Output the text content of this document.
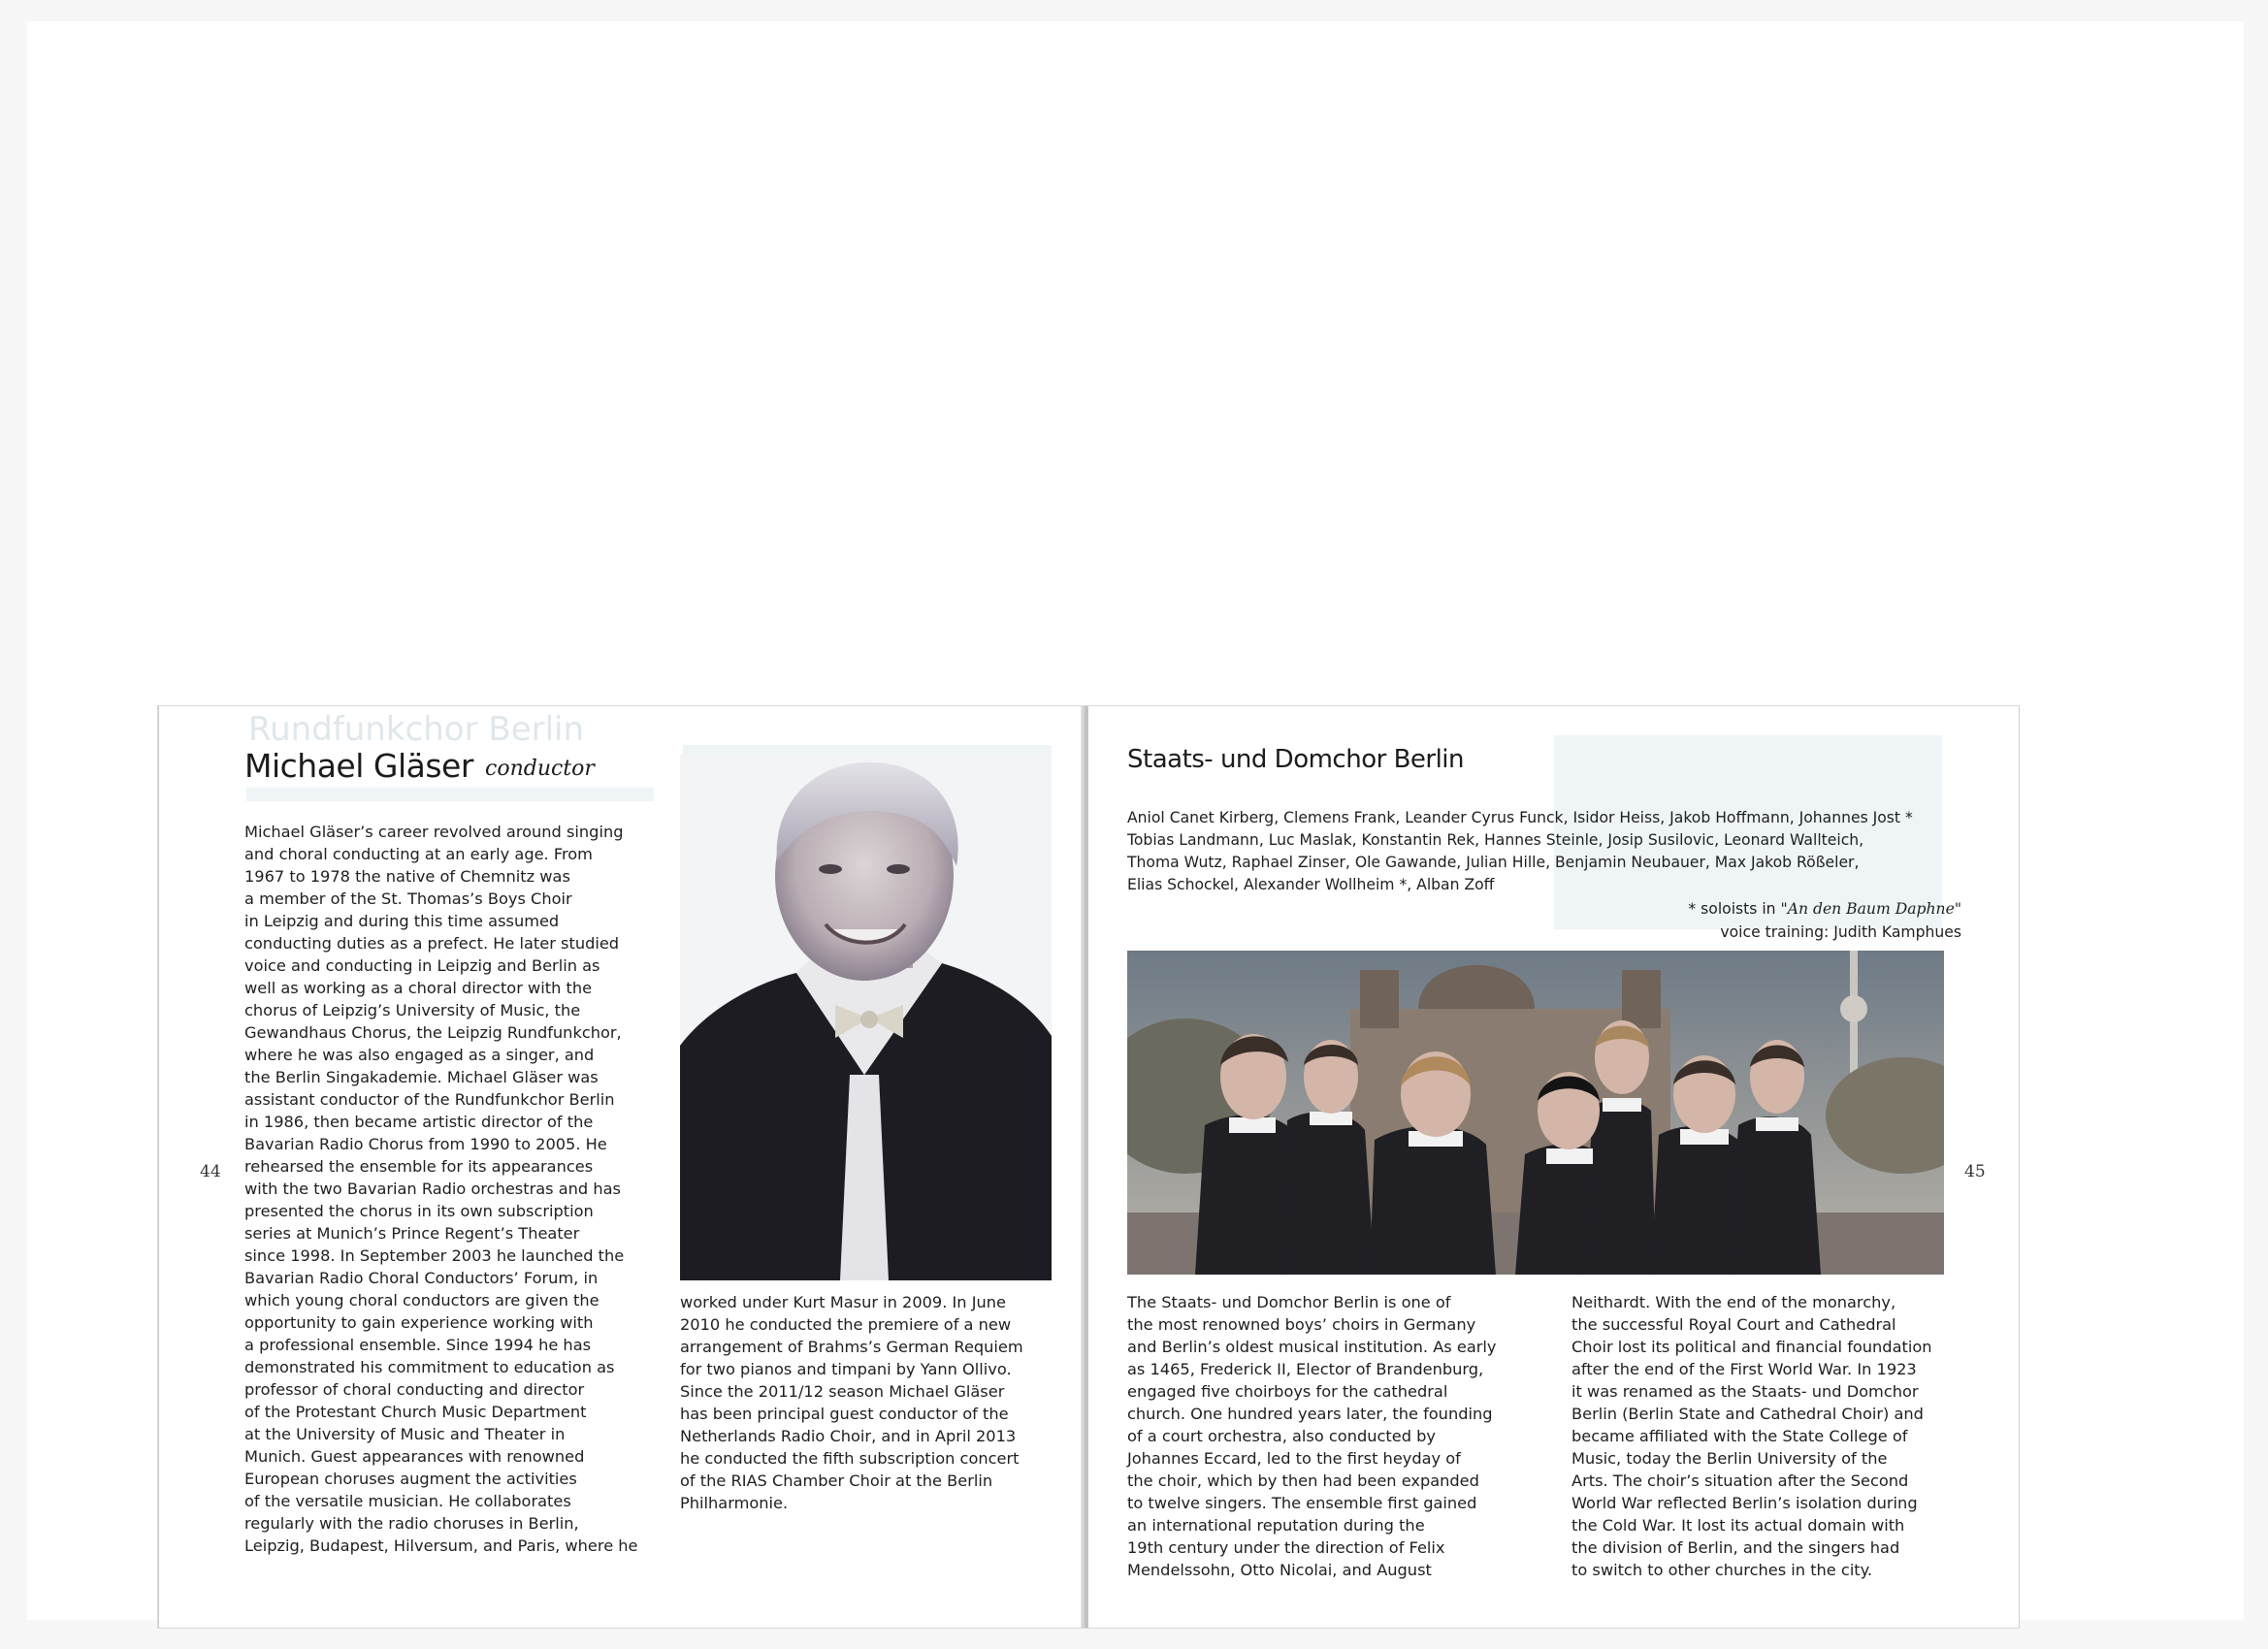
Rundfunkchor Berlin
Michael Gläser conductor
Michael Gläser’s career revolved around singing
and choral conducting at an early age. From
1967 to 1978 the native of Chemnitz was
a member of the St. Thomas’s Boys Choir
in Leipzig and during this time assumed
conducting duties as a prefect. He later studied
voice and conducting in Leipzig and Berlin as
well as working as a choral director with the
chorus of Leipzig’s University of Music, the
Gewandhaus Chorus, the Leipzig Rundfunkchor,
where he was also engaged as a singer, and
the Berlin Singakademie. Michael Gläser was
assistant conductor of the Rundfunkchor Berlin
in 1986, then became artistic director of the
Bavarian Radio Chorus from 1990 to 2005. He
rehearsed the ensemble for its appearances
with the two Bavarian Radio orchestras and has
presented the chorus in its own subscription
series at Munich’s Prince Regent’s Theater
since 1998. In September 2003 he launched the
Bavarian Radio Choral Conductors’ Forum, in
which young choral conductors are given the
opportunity to gain experience working with
a professional ensemble. Since 1994 he has
demonstrated his commitment to education as
professor of choral conducting and director
of the Protestant Church Music Department
at the University of Music and Theater in
Munich. Guest appearances with renowned
European choruses augment the activities
of the versatile musician. He collaborates
regularly with the radio choruses in Berlin,
Leipzig, Budapest, Hilversum, and Paris, where he
worked under Kurt Masur in 2009. In June
2010 he conducted the premiere of a new
arrangement of Brahms’s German Requiem
for two pianos and timpani by Yann Ollivo.
Since the 2011/12 season Michael Gläser
has been principal guest conductor of the
Netherlands Radio Choir, and in April 2013
he conducted the fifth subscription concert
of the RIAS Chamber Choir at the Berlin
Philharmonie.
44
Staats- und Domchor Berlin
Aniol Canet Kirberg, Clemens Frank, Leander Cyrus Funck, Isidor Heiss, Jakob Hoffmann, Johannes Jost *
Tobias Landmann, Luc Maslak, Konstantin Rek, Hannes Steinle, Josip Susilovic, Leonard Wallteich,
Thoma Wutz, Raphael Zinser, Ole Gawande, Julian Hille, Benjamin Neubauer, Max Jakob Rößeler,
Elias Schockel, Alexander Wollheim *, Alban Zoff
* soloists in "An den Baum Daphne"
voice training: Judith Kamphues
The Staats- und Domchor Berlin is one of
the most renowned boys’ choirs in Germany
and Berlin’s oldest musical institution. As early
as 1465, Frederick II, Elector of Brandenburg,
engaged five choirboys for the cathedral
church. One hundred years later, the founding
of a court orchestra, also conducted by
Johannes Eccard, led to the first heyday of
the choir, which by then had been expanded
to twelve singers. The ensemble first gained
an international reputation during the
19th century under the direction of Felix
Mendelssohn, Otto Nicolai, and August
Neithardt. With the end of the monarchy,
the successful Royal Court and Cathedral
Choir lost its political and financial foundation
after the end of the First World War. In 1923
it was renamed as the Staats- und Domchor
Berlin (Berlin State and Cathedral Choir) and
became affiliated with the State College of
Music, today the Berlin University of the
Arts. The choir’s situation after the Second
World War reflected Berlin’s isolation during
the Cold War. It lost its actual domain with
the division of Berlin, and the singers had
to switch to other churches in the city.
45
